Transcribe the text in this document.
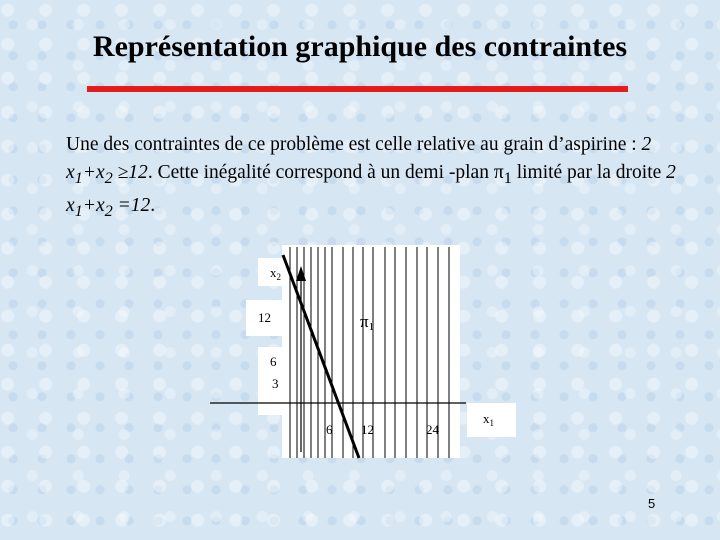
Représentation graphique des contraintes
Une des contraintes de ce problème est celle relative au grain d’aspirine : 2 $x_1+x_2 \ge 12$. Cette inégalité correspond à un demi -plan $\pi_1$ limité par la droite 2 $x_1+x_2 =12$.
$x_2$
12
6
3
$x_1$
6 12	24
π1
5
